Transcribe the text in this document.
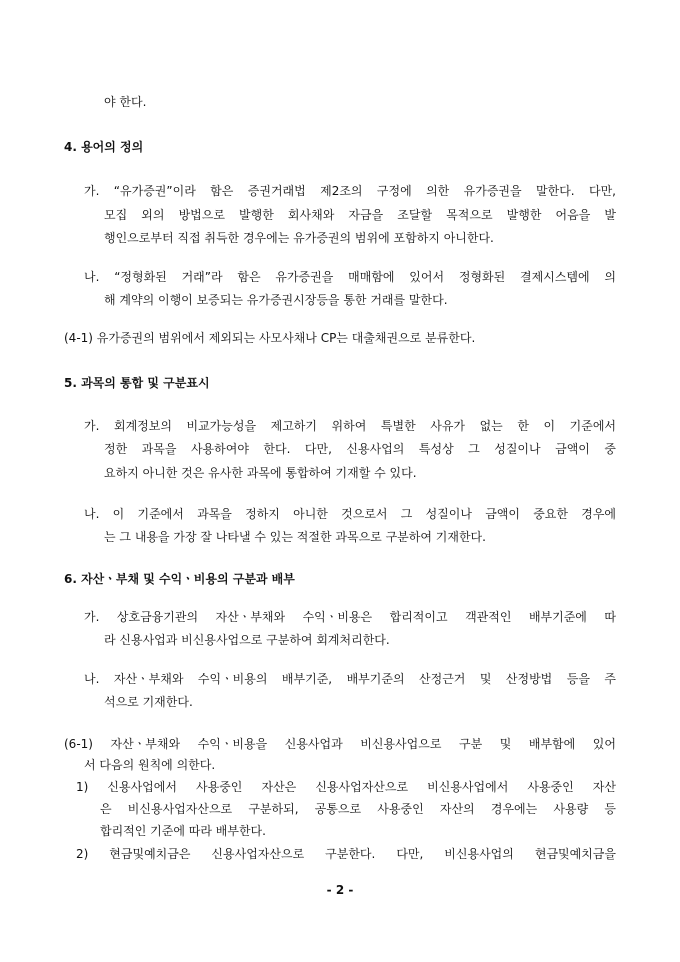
야 한다.
4. 용어의 정의
가. “유가증권”이라 함은 증권거래법 제2조의 구정에 의한 유가증권을 말한다. 다만,
모집 외의 방법으로 발행한 회사채와 자금을 조달할 목적으로 발행한 어음을 발
행인으로부터 직접 취득한 경우에는 유가증권의 범위에 포함하지 아니한다.
나. “정형화된 거래”라 함은 유가증권을 매매함에 있어서 정형화된 결제시스템에 의
해 계약의 이행이 보증되는 유가증권시장등을 통한 거래를 말한다.
(4-1) 유가증권의 범위에서 제외되는 사모사채나 CP는 대출채권으로 분류한다.
5. 과목의 통합 및 구분표시
가. 회계정보의 비교가능성을 제고하기 위하여 특별한 사유가 없는 한 이 기준에서
정한 과목을 사용하여야 한다. 다만, 신용사업의 특성상 그 성질이나 금액이 중
요하지 아니한 것은 유사한 과목에 통합하여 기재할 수 있다.
나. 이 기준에서 과목을 정하지 아니한 것으로서 그 성질이나 금액이 중요한 경우에
는 그 내용을 가장 잘 나타낼 수 있는 적절한 과목으로 구분하여 기재한다.
6. 자산ㆍ부채 및 수익ㆍ비용의 구분과 배부
가. 상호금융기관의 자산ㆍ부채와 수익ㆍ비용은 합리적이고 객관적인 배부기준에 따
라 신용사업과 비신용사업으로 구분하여 회계처리한다.
나. 자산ㆍ부채와 수익ㆍ비용의 배부기준, 배부기준의 산정근거 및 산정방법 등을 주
석으로 기재한다.
(6-1) 자산ㆍ부채와 수익ㆍ비용을 신용사업과 비신용사업으로 구분 및 배부함에 있어
서 다음의 원칙에 의한다.
1) 신용사업에서 사용중인 자산은 신용사업자산으로 비신용사업에서 사용중인 자산
은 비신용사업자산으로 구분하되, 공통으로 사용중인 자산의 경우에는 사용량 등
합리적인 기준에 따라 배부한다.
2) 현금및예치금은 신용사업자산으로 구분한다. 다만, 비신용사업의 현금및예치금을
- 2 -
